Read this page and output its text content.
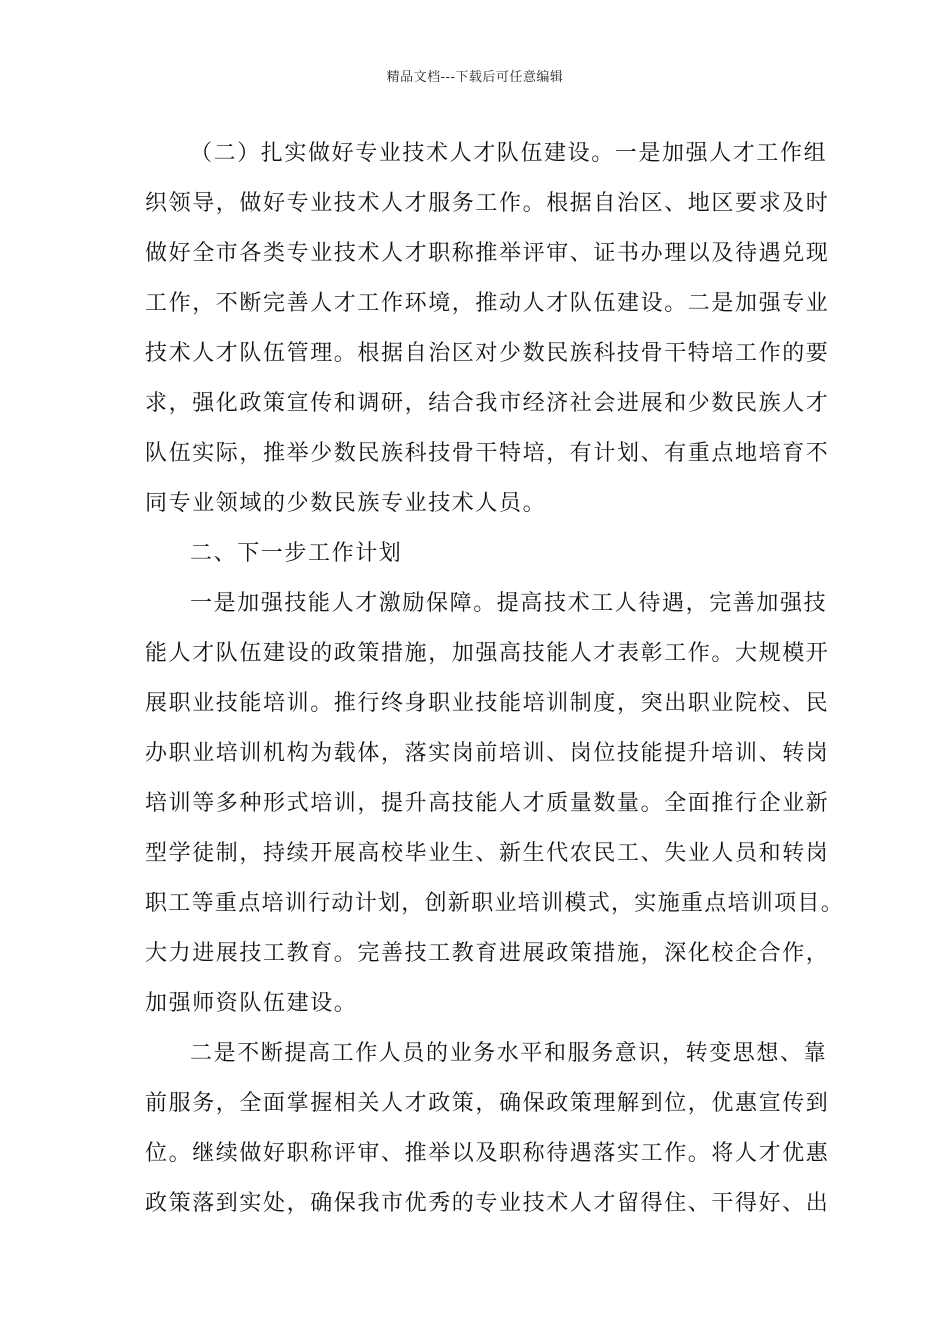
精品文档---下载后可任意编辑
（二）扎实做好专业技术人才队伍建设。一是加强人才工作组
织领导，做好专业技术人才服务工作。根据自治区、地区要求及时
做好全市各类专业技术人才职称推举评审、证书办理以及待遇兑现
工作，不断完善人才工作环境，推动人才队伍建设。二是加强专业
技术人才队伍管理。根据自治区对少数民族科技骨干特培工作的要
求，强化政策宣传和调研，结合我市经济社会进展和少数民族人才
队伍实际，推举少数民族科技骨干特培，有计划、有重点地培育不
同专业领域的少数民族专业技术人员。
二、下一步工作计划
一是加强技能人才激励保障。提高技术工人待遇，完善加强技
能人才队伍建设的政策措施，加强高技能人才表彰工作。大规模开
展职业技能培训。推行终身职业技能培训制度，突出职业院校、民
办职业培训机构为载体，落实岗前培训、岗位技能提升培训、转岗
培训等多种形式培训，提升高技能人才质量数量。全面推行企业新
型学徒制，持续开展高校毕业生、新生代农民工、失业人员和转岗
职工等重点培训行动计划，创新职业培训模式，实施重点培训项目。
大力进展技工教育。完善技工教育进展政策措施，深化校企合作，
加强师资队伍建设。
二是不断提高工作人员的业务水平和服务意识，转变思想、靠
前服务，全面掌握相关人才政策，确保政策理解到位，优惠宣传到
位。继续做好职称评审、推举以及职称待遇落实工作。将人才优惠
政策落到实处，确保我市优秀的专业技术人才留得住、干得好、出
